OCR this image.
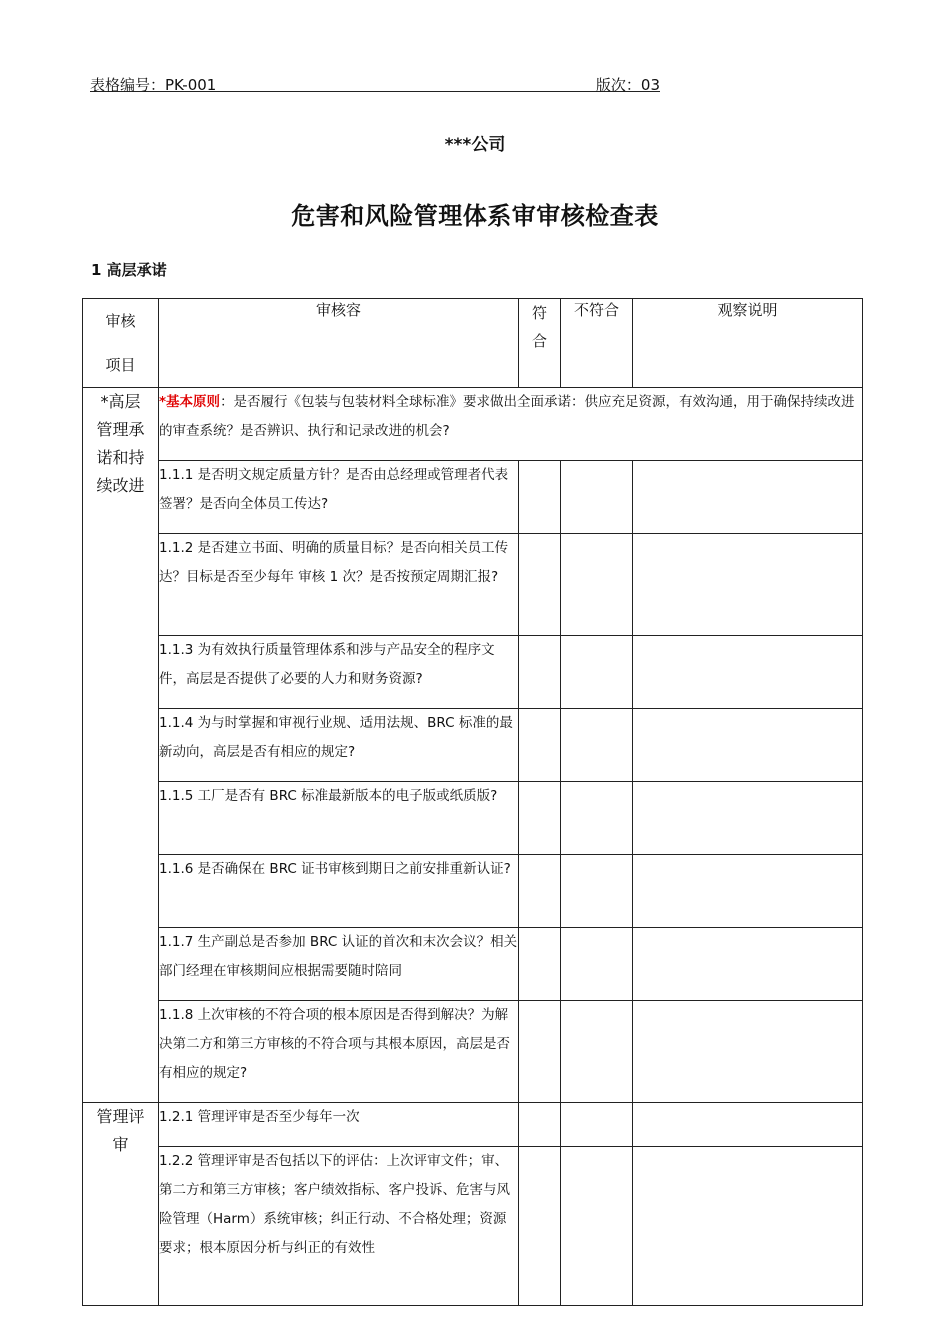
表格编号：PK-001	版次：03
***公司
危害和风险管理体系审审核检查表
1 高层承诺
审核
项目	审核容	符合	不符合	观察说明

*高层管理承诺和持续改进	*基本原则：是否履行《包装与包装材料全球标准》要求做出全面承诺：供应充足资源，有效沟通，用于确保持续改进的审查系统？是否辨识、执行和记录改进的机会?			
	1.1.1 是否明文规定质量方针？是否由总经理或管理者代表签署？是否向全体员工传达?			
	1.1.2 是否建立书面、明确的质量目标？是否向相关员工传达？目标是否至少每年 审核 1 次？是否按预定周期汇报?			
	1.1.3 为有效执行质量管理体系和涉与产品安全的程序文件，高层是否提供了必要的人力和财务资源?			
	1.1.4 为与时掌握和审视行业规、适用法规、BRC 标准的最新动向，高层是否有相应的规定?			
	1.1.5 工厂是否有 BRC 标准最新版本的电子版或纸质版?			
	1.1.6 是否确保在 BRC 证书审核到期日之前安排重新认证?			
	1.1.7 生产副总是否参加 BRC 认证的首次和末次会议？相关部门经理在审核期间应根据需要随时陪同			
	1.1.8 上次审核的不符合项的根本原因是否得到解决？为解决第二方和第三方审核的不符合项与其根本原因，高层是否有相应的规定?			

管理评审	1.2.1 管理评审是否至少每年一次			
	1.2.2 管理评审是否包括以下的评估：上次评审文件；审、第二方和第三方审核；客户绩效指标、客户投诉、危害与风险管理（Harm）系统审核；纠正行动、不合格处理；资源要求；根本原因分析与纠正的有效性			
